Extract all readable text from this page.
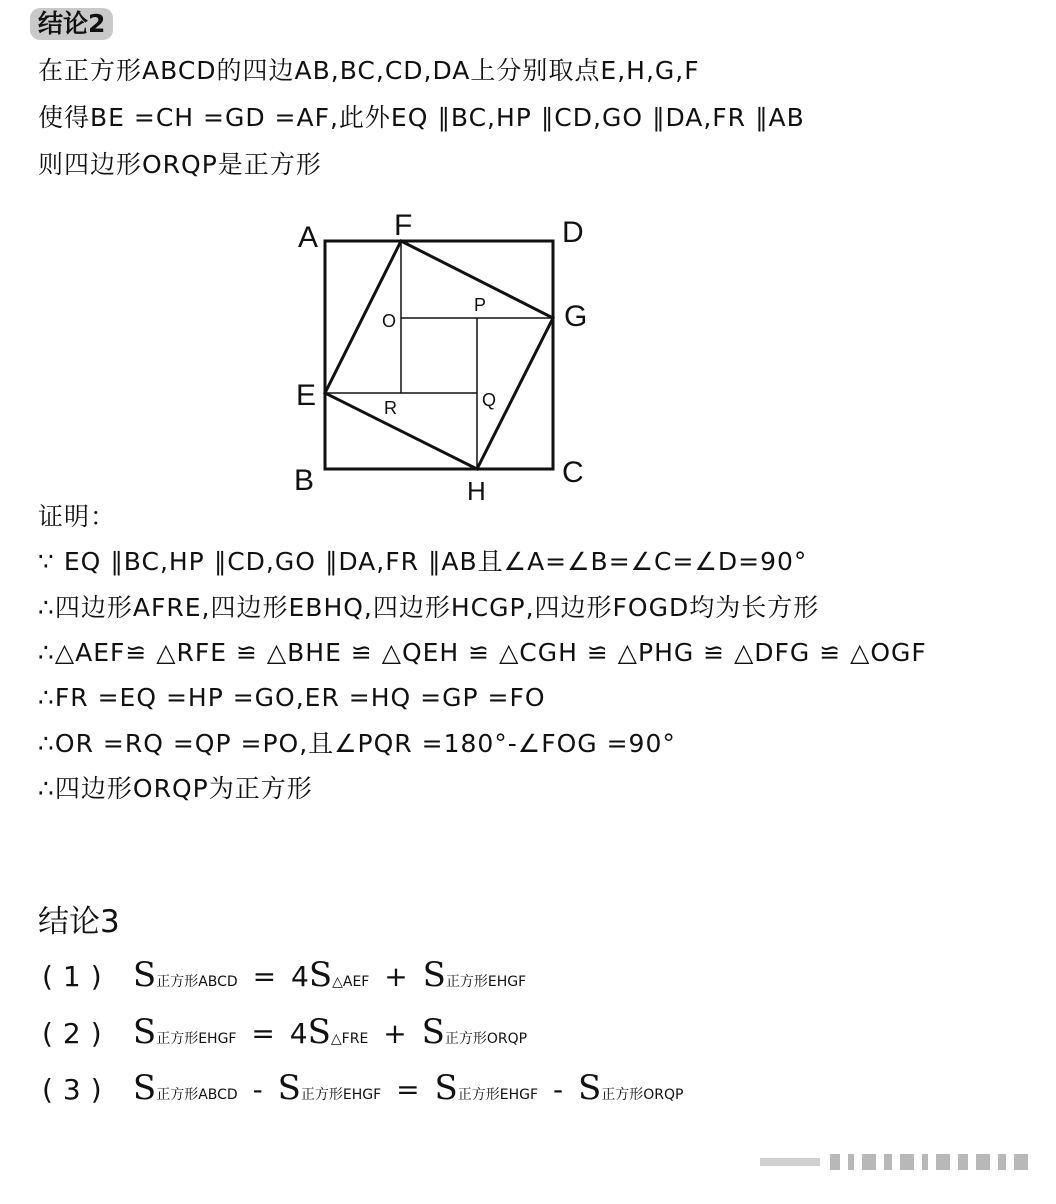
结论2
在正方形ABCD的四边AB,BC,CD,DA上分别取点E,H,G,F
使得BE =CH =GD =AF,此外EQ ∥BC,HP ∥CD,GO ∥DA,FR ∥AB
则四边形ORQP是正方形
A	F	D
G
E
B	H
C
O
P
R	Q
证明：
∵ EQ ∥BC,HP ∥CD,GO ∥DA,FR ∥AB且∠A=∠B=∠C=∠D=90°
∴四边形AFRE,四边形EBHQ,四边形HCGP,四边形FOGD均为长方形
∴△AEF≌ △RFE ≌ △BHE ≌ △QEH ≌ △CGH ≌ △PHG ≌ △DFG ≌ △OGF
∴FR =EQ =HP =GO,ER =HQ =GP =FO
∴OR =RQ =QP =PO,且∠PQR =180°-∠FOG =90°
∴四边形ORQP为正方形
结论3
(1) S正方形ABCD = 4S△AEF + S正方形EHGF
(2) S正方形EHGF = 4S△FRE + S正方形ORQP
(3) S正方形ABCD - S正方形EHGF = S正方形EHGF - S正方形ORQP
